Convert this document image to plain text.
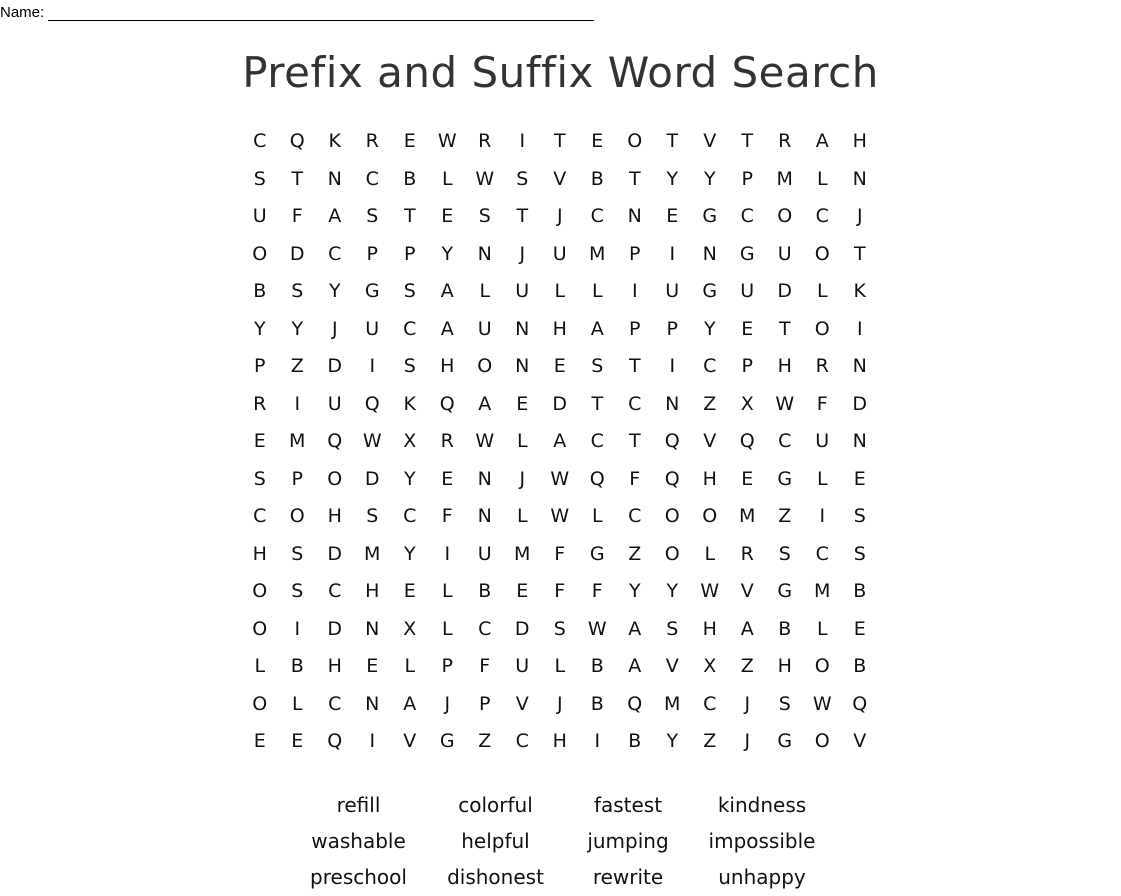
Name:
Prefix and Suffix Word Search
C	Q	K	R	E	W	R	I	T	E	O	T	V	T	R	A	H
S	T	N	C	B	L	W	S	V	B	T	Y	Y	P	M	L	N
U	F	A	S	T	E	S	T	J	C	N	E	G	C	O	C	J
O	D	C	P	P	Y	N	J	U	M	P	I	N	G	U	O	T
B	S	Y	G	S	A	L	U	L	L	I	U	G	U	D	L	K
Y	Y	J	U	C	A	U	N	H	A	P	P	Y	E	T	O	I
P	Z	D	I	S	H	O	N	E	S	T	I	C	P	H	R	N
R	I	U	Q	K	Q	A	E	D	T	C	N	Z	X	W	F	D
E	M	Q	W	X	R	W	L	A	C	T	Q	V	Q	C	U	N
S	P	O	D	Y	E	N	J	W	Q	F	Q	H	E	G	L	E
C	O	H	S	C	F	N	L	W	L	C	O	O	M	Z	I	S
H	S	D	M	Y	I	U	M	F	G	Z	O	L	R	S	C	S
O	S	C	H	E	L	B	E	F	F	Y	Y	W	V	G	M	B
O	I	D	N	X	L	C	D	S	W	A	S	H	A	B	L	E
L	B	H	E	L	P	F	U	L	B	A	V	X	Z	H	O	B
O	L	C	N	A	J	P	V	J	B	Q	M	C	J	S	W	Q
E	E	Q	I	V	G	Z	C	H	I	B	Y	Z	J	G	O	V
refill	colorful	fastest	kindness
washable	helpful	jumping	impossible
preschool	dishonest	rewrite	unhappy
